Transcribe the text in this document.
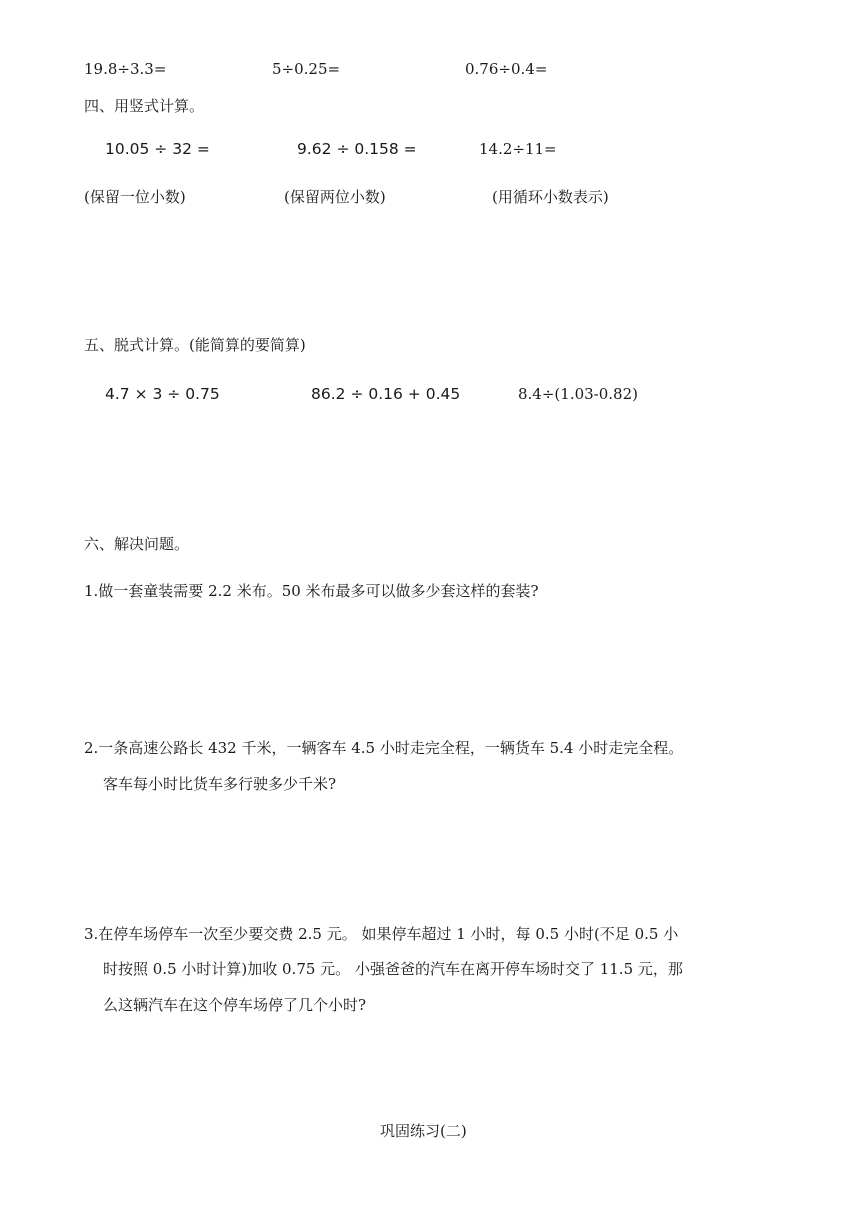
19.8÷3.3=	5÷0.25=	0.76÷0.4=
四、用竖式计算。
10.05 ÷ 32 =	9.62 ÷ 0.158 =	14.2÷11=
(保留一位小数)	(保留两位小数)	(用循环小数表示)
五、脱式计算。(能简算的要简算)
4.7 × 3 ÷ 0.75	86.2 ÷ 0.16 + 0.45	8.4÷(1.03-0.82)
六、解决问题。
1.做一套童装需要 2.2 米布。50 米布最多可以做多少套这样的套装?
2.一条高速公路长 432 千米，一辆客车 4.5 小时走完全程，一辆货车 5.4 小时走完全程。
客车每小时比货车多行驶多少千米?
3.在停车场停车一次至少要交费 2.5 元。 如果停车超过 1 小时，每 0.5 小时(不足 0.5 小
时按照 0.5 小时计算)加收 0.75 元。 小强爸爸的汽车在离开停车场时交了 11.5 元，那
么这辆汽车在这个停车场停了几个小时?
巩固练习(二)
